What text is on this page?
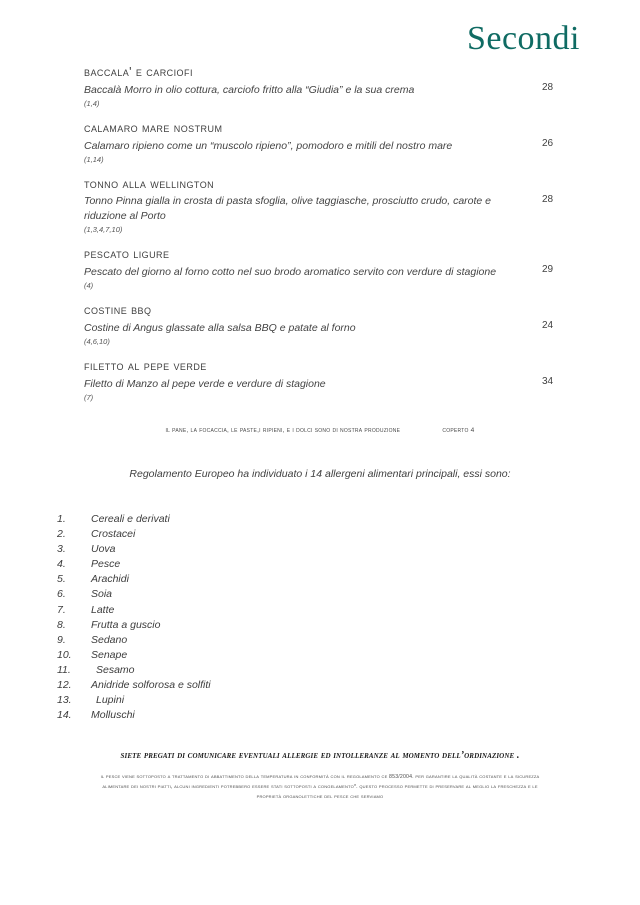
Secondi

baccala' e carciofi

Baccalà Morro in olio cottura, carciofo fritto alla “Giudia” e la sua crema

(1,4)

28

calamaro mare nostrum

Calamaro ripieno come un “muscolo ripieno”, pomodoro e mitili del nostro mare

(1,14)

26

tonno alla wellington

Tonno Pinna gialla in crosta di pasta sfoglia, olive taggiasche, prosciutto crudo, carote e riduzione al Porto

(1,3,4,7,10)

28

pescato ligure

Pescato del giorno al forno cotto nel suo brodo aromatico servito con verdure di stagione

(4)

29

costine bbq

Costine di Angus glassate alla salsa BBQ e patate al forno

(4,6,10)

24

filetto al pepe verde

Filetto di Manzo al pepe verde e verdure di stagione

(7)

34
il pane, la focaccia, le paste,i ripieni, e i dolci sono di nostra produzione	coperto 4
Regolamento Europeo ha individuato i 14 allergeni alimentari principali, essi sono:
1. Cereali e derivati
2. Crostacei
3. Uova
4. Pesce
5. Arachidi
6. Soia
7. Latte
8. Frutta a guscio
9. Sedano
10. Senape
11. Sesamo
12. Anidride solforosa e solfiti
13. Lupini
14. Molluschi
siete pregati di comunicare eventuali allergie ed intolleranze al momento dell’ordinazione .

il pesce viene sottoposto a trattamento di abbattimento della temperatura in conformità con il regolamento ce 853/2004. per garantire la qualità costante e la sicurezza

alimentare dei nostri piatti, alcuni ingredienti potrebbero essere stati sottoposti a congelamento*. questo processo permette di preservare al meglio la freschezza e le

proprietà organolettiche del pesce che serviamo
